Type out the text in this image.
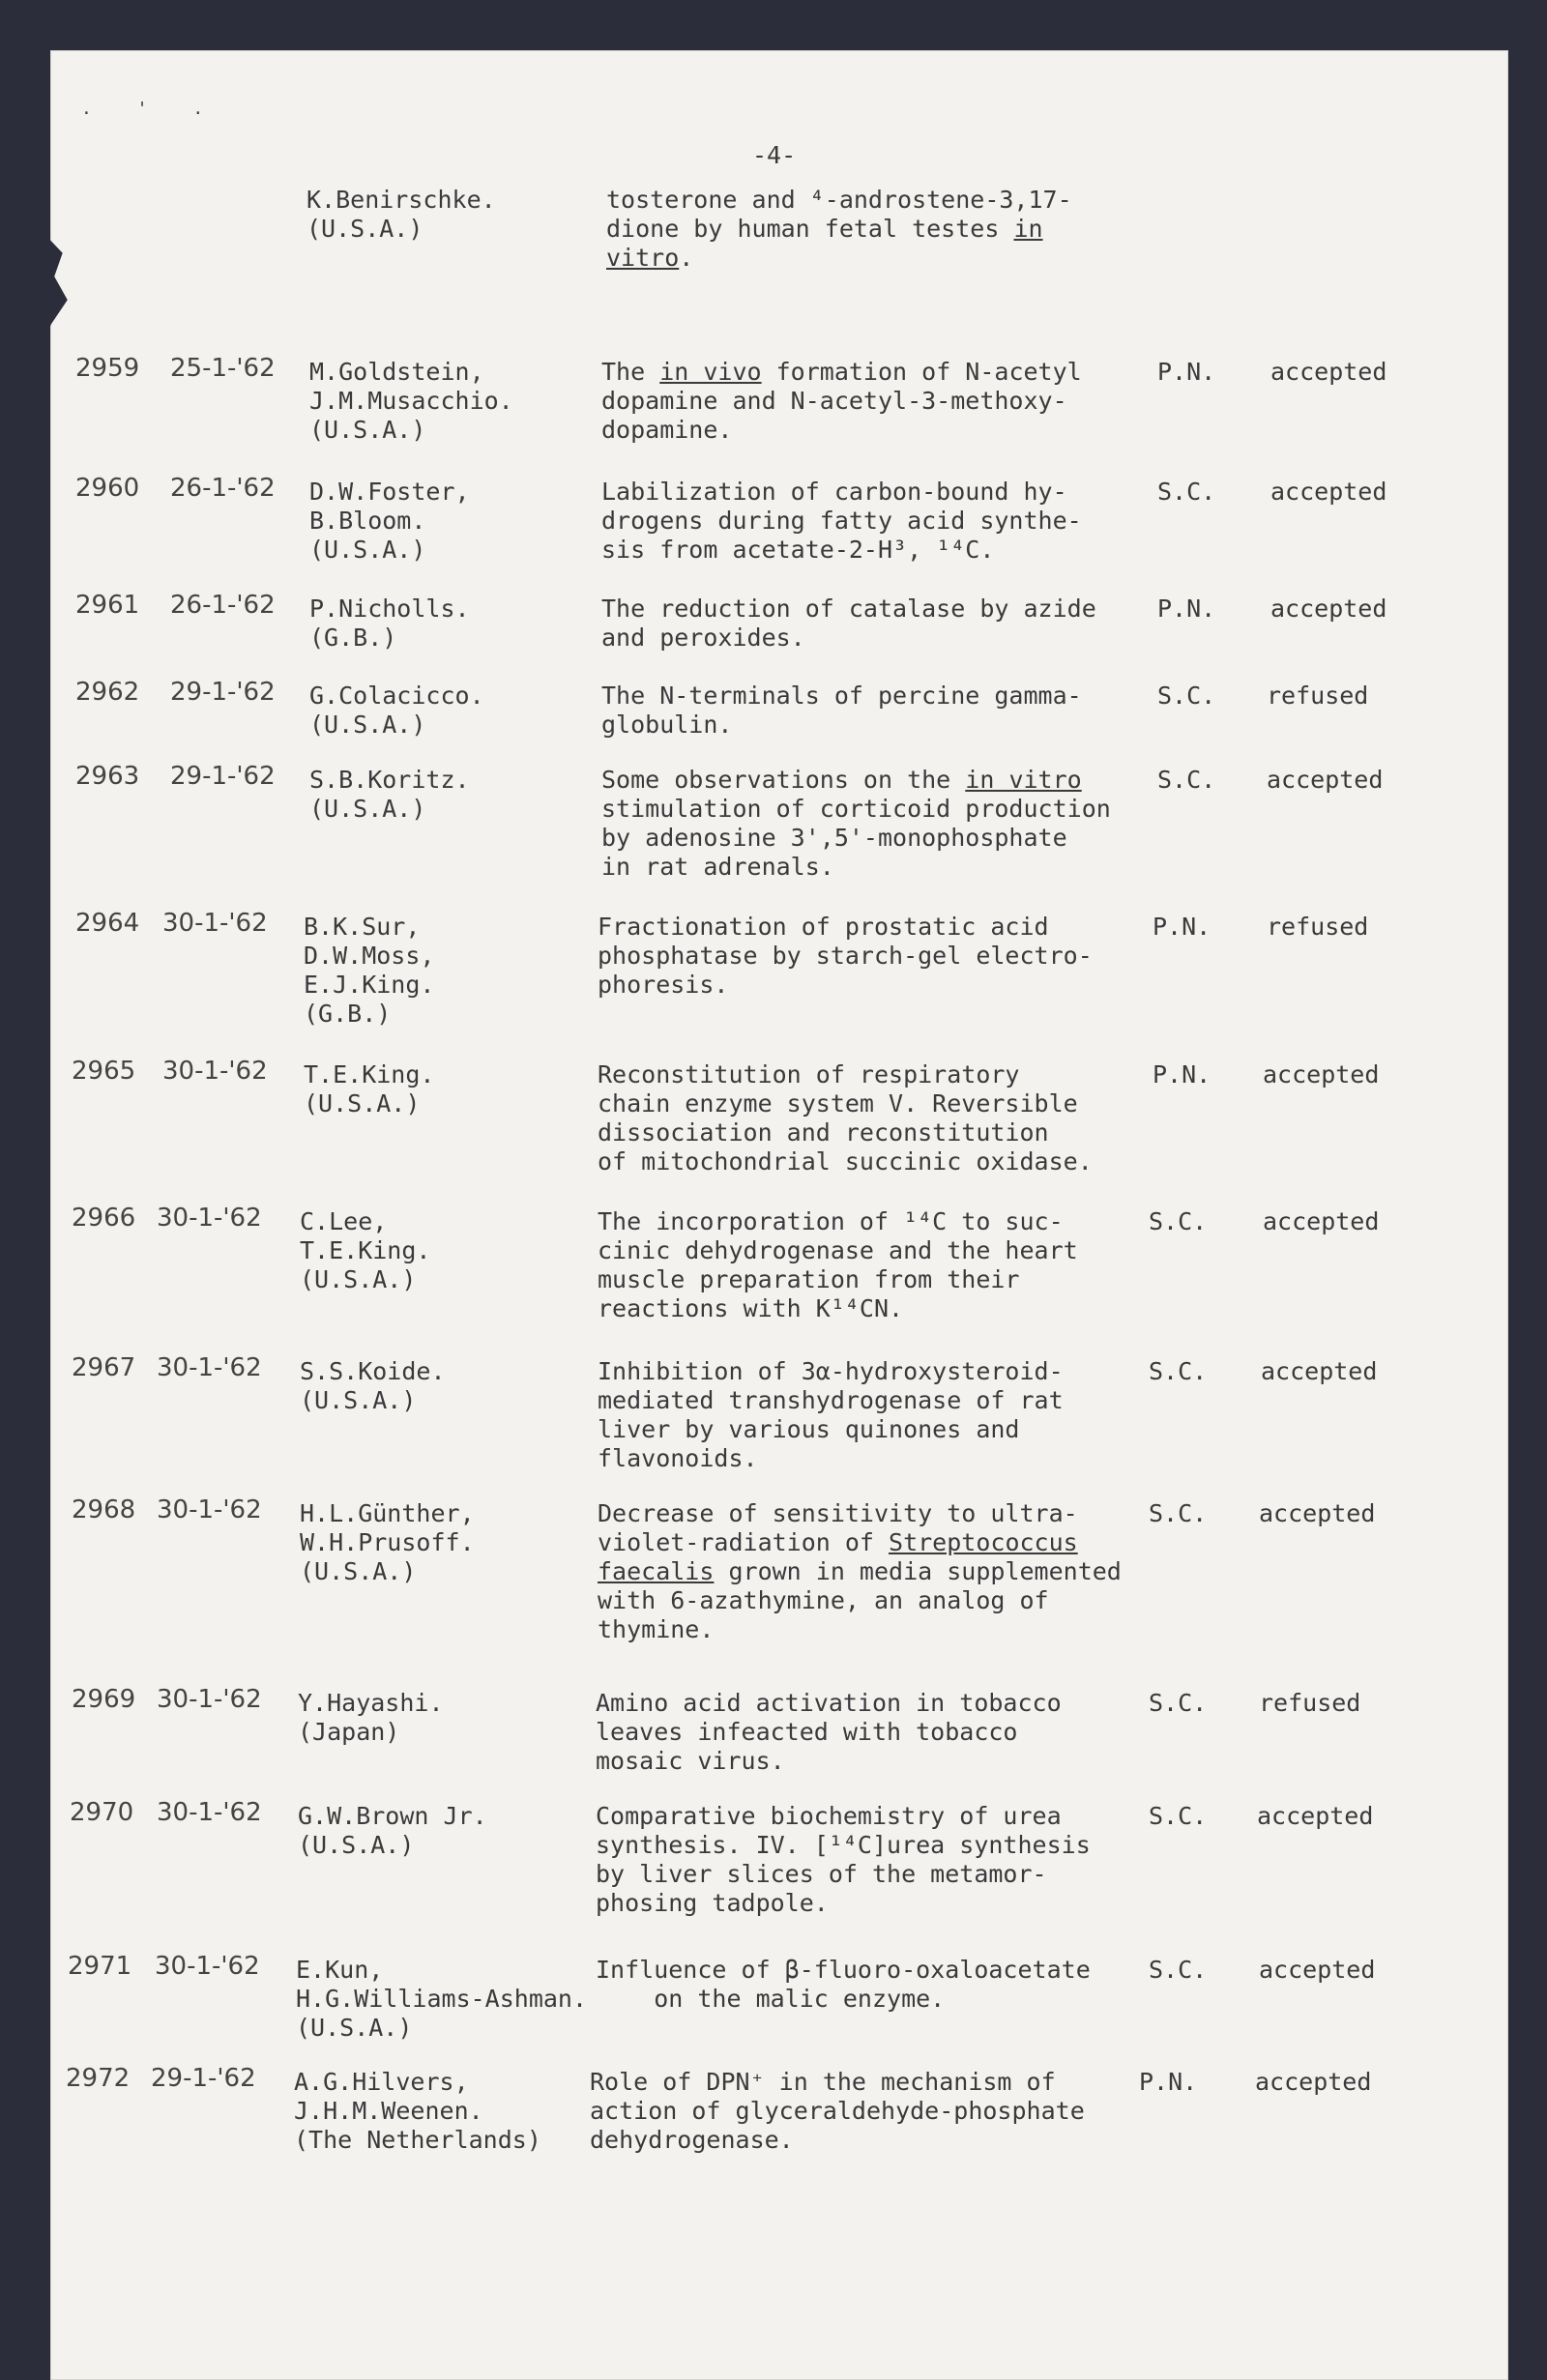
. ' .
-4-
K.Benirschke.
(U.S.A.)
tosterone and ⁴-androstene-3,17-
dione by human fetal testes in
vitro.
2959 25-1-'62 M.Goldstein,
J.M.Musacchio.
(U.S.A.)
The in vivo formation of N-acetyl
dopamine and N-acetyl-3-methoxy-
dopamine.
P.N. accepted
2960 26-1-'62 D.W.Foster,
B.Bloom.
(U.S.A.)
Labilization of carbon-bound hy-
drogens during fatty acid synthe-
sis from acetate-2-H³, ¹⁴C.
S.C. accepted
2961 26-1-'62 P.Nicholls.
(G.B.)
The reduction of catalase by azide
and peroxides.
P.N. accepted
2962 29-1-'62 G.Colacicco.
(U.S.A.)
The N-terminals of percine gamma-
globulin.
S.C. refused
2963 29-1-'62 S.B.Koritz.
(U.S.A.)
Some observations on the in vitro
stimulation of corticoid production
by adenosine 3',5'-monophosphate
in rat adrenals.
S.C. accepted
2964 30-1-'62 B.K.Sur,
D.W.Moss,
E.J.King.
(G.B.)
Fractionation of prostatic acid
phosphatase by starch-gel electro-
phoresis.
P.N. refused
2965 30-1-'62 T.E.King.
(U.S.A.)
Reconstitution of respiratory
chain enzyme system V. Reversible
dissociation and reconstitution
of mitochondrial succinic oxidase.
P.N. accepted
2966 30-1-'62 C.Lee,
T.E.King.
(U.S.A.)
The incorporation of ¹⁴C to suc-
cinic dehydrogenase and the heart
muscle preparation from their
reactions with K¹⁴CN.
S.C. accepted
2967 30-1-'62 S.S.Koide.
(U.S.A.)
Inhibition of 3α-hydroxysteroid-
mediated transhydrogenase of rat
liver by various quinones and
flavonoids.
S.C. accepted
2968 30-1-'62 H.L.Günther,
W.H.Prusoff.
(U.S.A.)
Decrease of sensitivity to ultra-
violet-radiation of Streptococcus
faecalis grown in media supplemented
with 6-azathymine, an analog of
thymine.
S.C. accepted
2969 30-1-'62 Y.Hayashi.
(Japan)
Amino acid activation in tobacco
leaves infeacted with tobacco
mosaic virus.
S.C. refused
2970 30-1-'62 G.W.Brown Jr.
(U.S.A.)
Comparative biochemistry of urea
synthesis. IV. [¹⁴C]urea synthesis
by liver slices of the metamor-
phosing tadpole.
S.C. accepted
2971 30-1-'62 E.Kun,
H.G.Williams-Ashman.
(U.S.A.)
Influence of β-fluoro-oxaloacetate
on the malic enzyme.
S.C. accepted
2972 29-1-'62 A.G.Hilvers,
J.H.M.Weenen.
(The Netherlands)
Role of DPN⁺ in the mechanism of
action of glyceraldehyde-phosphate
dehydrogenase.
P.N. accepted
